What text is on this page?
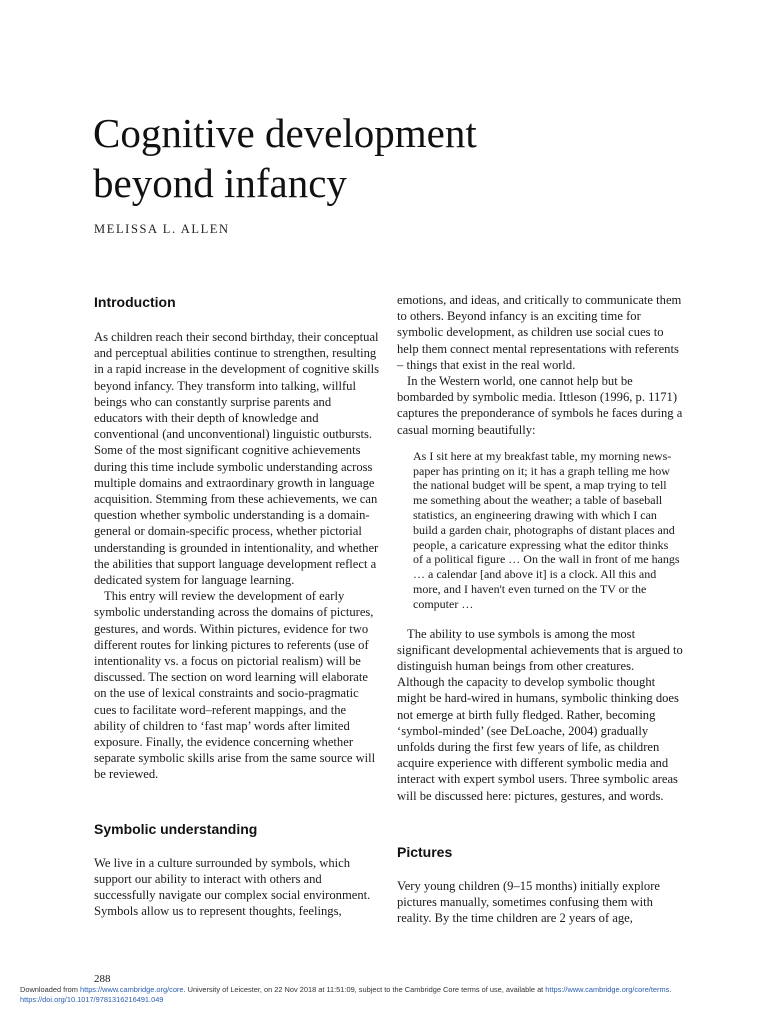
Cognitive development
beyond infancy
MELISSA L. ALLEN
Introduction

As children reach their second birthday, their conceptual and perceptual abilities continue to strengthen, resulting in a rapid increase in the development of cognitive skills beyond infancy. They transform into talking, willful beings who can constantly surprise parents and educators with their depth of knowledge and conventional (and unconventional) linguistic outbursts. Some of the most significant cognitive achievements during this time include symbolic understanding across multiple domains and extraordinary growth in language acquisition. Stemming from these achievements, we can question whether symbolic understanding is a domain-general or domain-specific process, whether pictorial understanding is grounded in intentionality, and whether the abilities that support language development reflect a dedicated system for language learning.

This entry will review the development of early symbolic understanding across the domains of pictures, gestures, and words. Within pictures, evidence for two different routes for linking pictures to referents (use of intentionality vs. a focus on pictorial realism) will be discussed. The section on word learning will elaborate on the use of lexical constraints and socio-pragmatic cues to facilitate word–referent mappings, and the ability of children to ‘fast map’ words after limited exposure. Finally, the evidence concerning whether separate symbolic skills arise from the same source will be reviewed.

Symbolic understanding

We live in a culture surrounded by symbols, which support our ability to interact with others and successfully navigate our complex social environment. Symbols allow us to represent thoughts, feelings,

emotions, and ideas, and critically to communicate them to others. Beyond infancy is an exciting time for symbolic development, as children use social cues to help them connect mental representations with referents – things that exist in the real world.

In the Western world, one cannot help but be bombarded by symbolic media. Ittleson (1996, p. 1171) captures the preponderance of symbols he faces during a casual morning beautifully:

As I sit here at my breakfast table, my morning news-paper has printing on it; it has a graph telling me how the national budget will be spent, a map trying to tell me something about the weather; a table of baseball statistics, an engineering drawing with which I can build a garden chair, photographs of distant places and people, a caricature expressing what the editor thinks of a political figure … On the wall in front of me hangs … a calendar [and above it] is a clock. All this and more, and I haven't even turned on the TV or the computer …

The ability to use symbols is among the most significant developmental achievements that is argued to distinguish human beings from other creatures. Although the capacity to develop symbolic thought might be hard-wired in humans, symbolic thinking does not emerge at birth fully fledged. Rather, becoming ‘symbol-minded’ (see DeLoache, 2004) gradually unfolds during the first few years of life, as children acquire experience with different symbolic media and interact with expert symbol users. Three symbolic areas will be discussed here: pictures, gestures, and words.

Pictures

Very young children (9–15 months) initially explore pictures manually, sometimes confusing them with reality. By the time children are 2 years of age,

288
Downloaded from https://www.cambridge.org/core. University of Leicester, on 22 Nov 2018 at 11:51:09, subject to the Cambridge Core terms of use, available at https://www.cambridge.org/core/terms.
https://doi.org/10.1017/9781316216491.049
